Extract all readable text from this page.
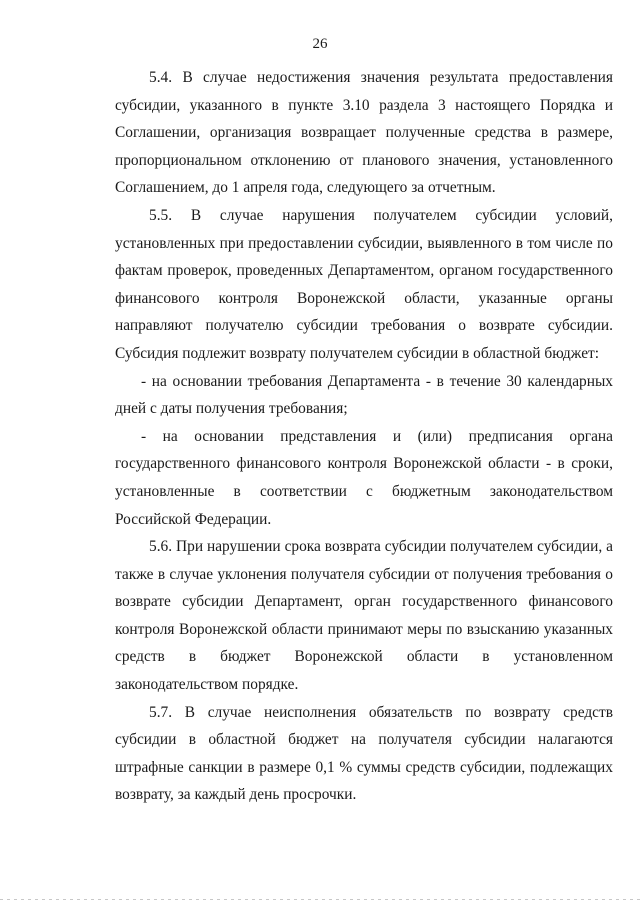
26

5.4. В случае недостижения значения результата предоставления субсидии, указанного в пункте 3.10 раздела 3 настоящего Порядка и Соглашении, организация возвращает полученные средства в размере, пропорциональном отклонению от планового значения, установленного Соглашением, до 1 апреля года, следующего за отчетным.

5.5. В случае нарушения получателем субсидии условий, установленных при предоставлении субсидии, выявленного в том числе по фактам проверок, проведенных Департаментом, органом государственного финансового контроля Воронежской области, указанные органы направляют получателю субсидии требования о возврате субсидии. Субсидия подлежит возврату получателем субсидии в областной бюджет:

- на основании требования Департамента - в течение 30 календарных дней с даты получения требования;

- на основании представления и (или) предписания органа государственного финансового контроля Воронежской области - в сроки, установленные в соответствии с бюджетным законодательством Российской Федерации.

5.6. При нарушении срока возврата субсидии получателем субсидии, а также в случае уклонения получателя субсидии от получения требования о возврате субсидии Департамент, орган государственного финансового контроля Воронежской области принимают меры по взысканию указанных средств в бюджет Воронежской области в установленном законодательством порядке.

5.7. В случае неисполнения обязательств по возврату средств субсидии в областной бюджет на получателя субсидии налагаются штрафные санкции в размере 0,1 % суммы средств субсидии, подлежащих возврату, за каждый день просрочки.
